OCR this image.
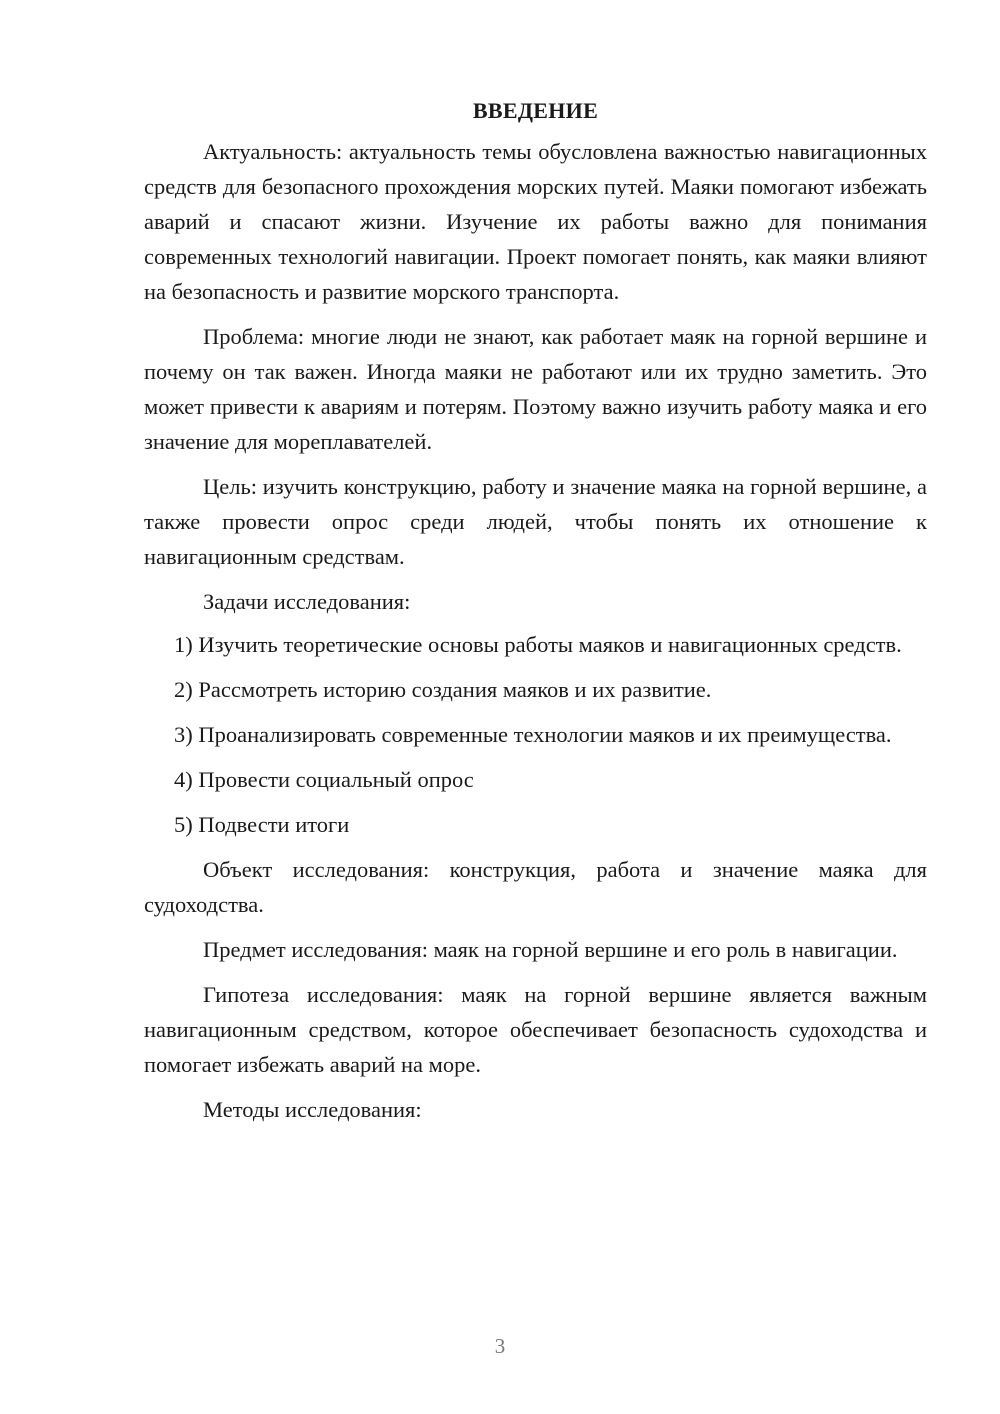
ВВЕДЕНИЕ

Актуальность: актуальность темы обусловлена важностью навигационных средств для безопасного прохождения морских путей. Маяки помогают избежать аварий и спасают жизни. Изучение их работы важно для понимания современных технологий навигации. Проект помогает понять, как маяки влияют на безопасность и развитие морского транспорта.

Проблема: многие люди не знают, как работает маяк на горной вершине и почему он так важен. Иногда маяки не работают или их трудно заметить. Это может привести к авариям и потерям. Поэтому важно изучить работу маяка и его значение для мореплавателей.

Цель: изучить конструкцию, работу и значение маяка на горной вершине, а также провести опрос среди людей, чтобы понять их отношение к навигационным средствам.

Задачи исследования:

1) Изучить теоретические основы работы маяков и навигационных средств.

2) Рассмотреть историю создания маяков и их развитие.

3) Проанализировать современные технологии маяков и их преимущества.

4) Провести социальный опрос

5) Подвести итоги

Объект исследования: конструкция, работа и значение маяка для судоходства.

Предмет исследования: маяк на горной вершине и его роль в навигации.

Гипотеза исследования: маяк на горной вершине является важным навигационным средством, которое обеспечивает безопасность судоходства и помогает избежать аварий на море.

Методы исследования:

3
